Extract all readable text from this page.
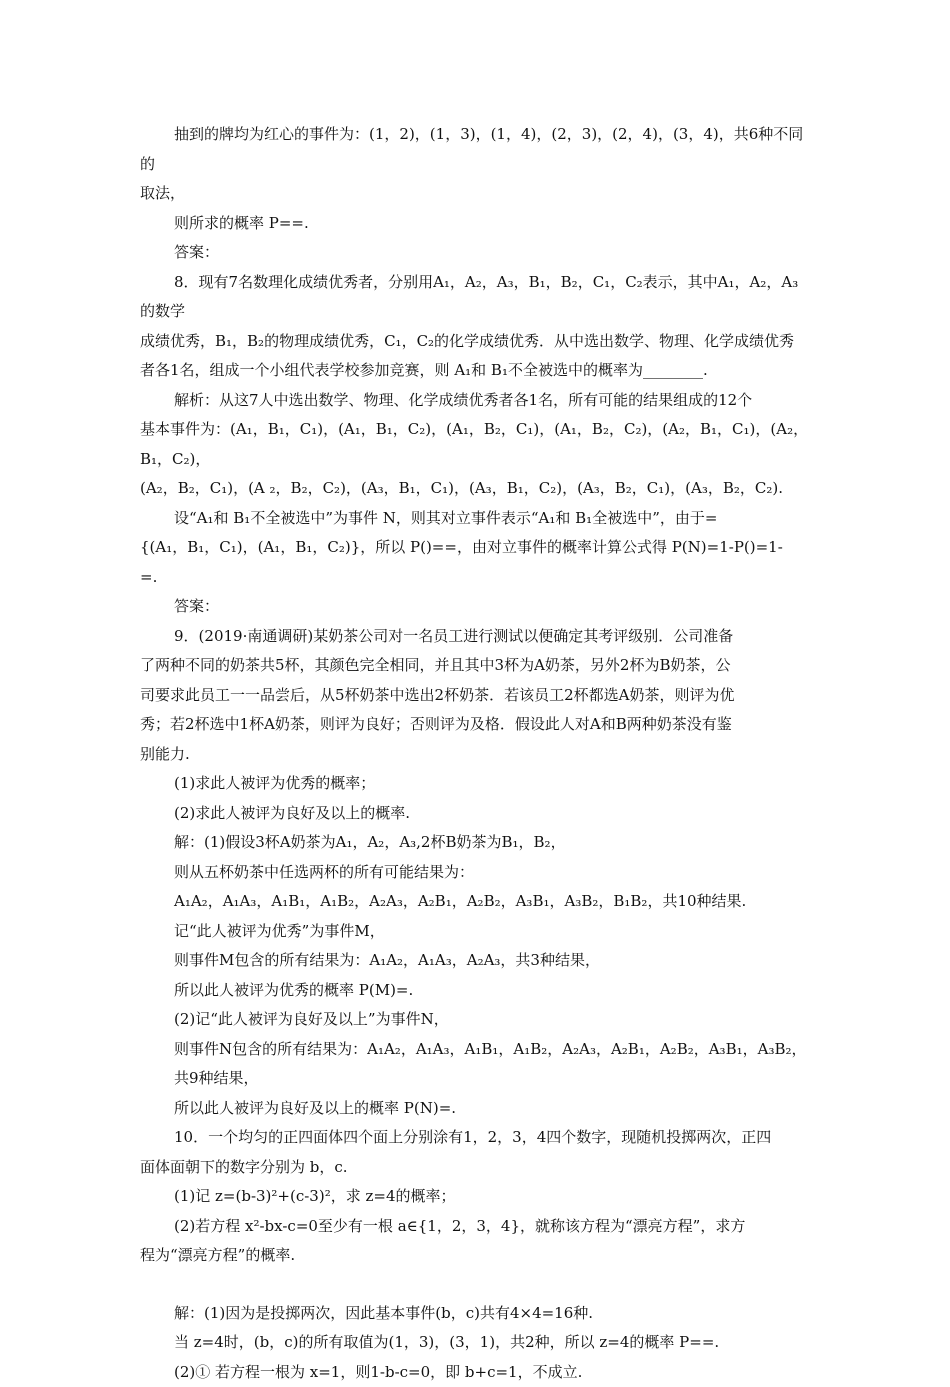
抽到的牌均为红心的事件为：(1，2)，(1，3)，(1，4)，(2，3)，(2，4)，(3，4)，共6种不同的

取法，

则所求的概率 P==.

答案：

8．现有7名数理化成绩优秀者，分别用A₁，A₂，A₃，B₁，B₂，C₁，C₂表示，其中A₁，A₂，A₃的数学

成绩优秀，B₁，B₂的物理成绩优秀，C₁，C₂的化学成绩优秀．从中选出数学、物理、化学成绩优秀

者各1名，组成一个小组代表学校参加竞赛，则 A₁和 B₁不全被选中的概率为________.

解析：从这7人中选出数学、物理、化学成绩优秀者各1名，所有可能的结果组成的12个

基本事件为：(A₁，B₁，C₁)，(A₁，B₁，C₂)，(A₁，B₂，C₁)，(A₁，B₂，C₂)，(A₂，B₁，C₁)，(A₂，B₁，C₂)，

(A₂，B₂，C₁)，(A ₂，B₂，C₂)，(A₃，B₁，C₁)，(A₃，B₁，C₂)，(A₃，B₂，C₁)，(A₃，B₂，C₂).

设“A₁和 B₁不全被选中”为事件 N，则其对立事件表示“A₁和 B₁全被选中”，由于=

{(A₁，B₁，C₁)，(A₁，B₁，C₂)}，所以 P()==，由对立事件的概率计算公式得 P(N)=1-P()=1-

=.

答案：

9．(2019·南通调研)某奶茶公司对一名员工进行测试以便确定其考评级别．公司准备

了两种不同的奶茶共5杯，其颜色完全相同，并且其中3杯为A奶茶，另外2杯为B奶茶，公

司要求此员工一一品尝后，从5杯奶茶中选出2杯奶茶．若该员工2杯都选A奶茶，则评为优

秀；若2杯选中1杯A奶茶，则评为良好；否则评为及格．假设此人对A和B两种奶茶没有鉴

别能力.

(1)求此人被评为优秀的概率；

(2)求此人被评为良好及以上的概率.

解：(1)假设3杯A奶茶为A₁，A₂，A₃,2杯B奶茶为B₁，B₂，

则从五杯奶茶中任选两杯的所有可能结果为：

A₁A₂，A₁A₃，A₁B₁，A₁B₂，A₂A₃，A₂B₁，A₂B₂，A₃B₁，A₃B₂，B₁B₂，共10种结果.

记“此人被评为优秀”为事件M，

则事件M包含的所有结果为：A₁A₂，A₁A₃，A₂A₃，共3种结果，

所以此人被评为优秀的概率 P(M)=.

(2)记“此人被评为良好及以上”为事件N，

则事件N包含的所有结果为：A₁A₂，A₁A₃，A₁B₁，A₁B₂，A₂A₃，A₂B₁，A₂B₂，A₃B₁，A₃B₂，共9种结果，

所以此人被评为良好及以上的概率 P(N)=.

10．一个均匀的正四面体四个面上分别涂有1，2，3，4四个数字，现随机投掷两次，正四

面体面朝下的数字分别为 b，c.

(1)记 z=(b-3)²+(c-3)²，求 z=4的概率；

(2)若方程 x²-bx-c=0至少有一根 a∈{1，2，3，4}，就称该方程为“漂亮方程”，求方

程为“漂亮方程”的概率.

解：(1)因为是投掷两次，因此基本事件(b，c)共有4×4=16种.

当 z=4时，(b，c)的所有取值为(1，3)，(3，1)，共2种，所以 z=4的概率 P==.

(2)① 若方程一根为 x=1，则1-b-c=0，即 b+c=1，不成立.
